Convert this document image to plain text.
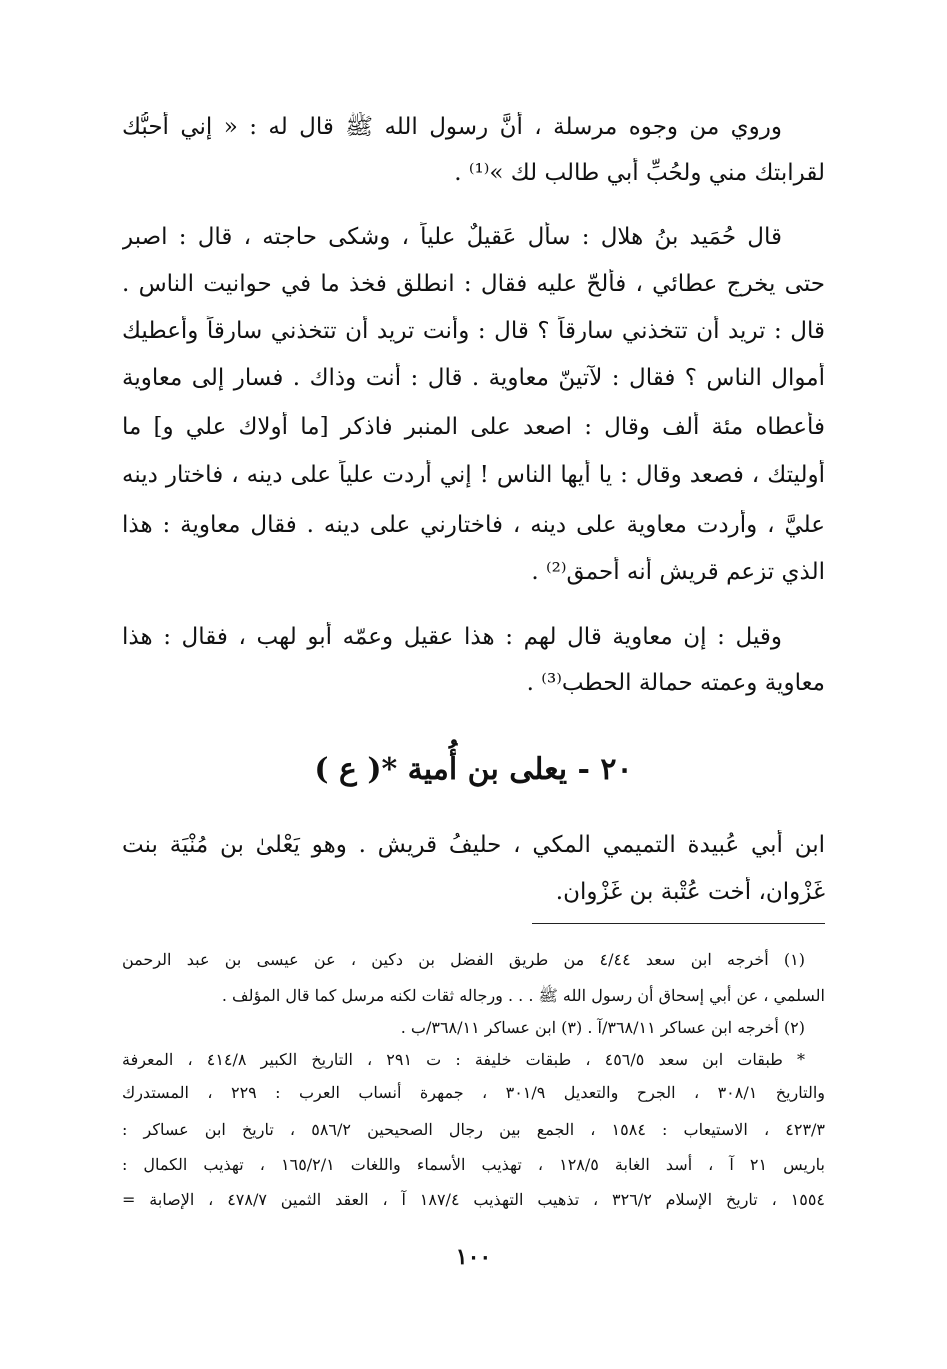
وروي من وجوه مرسلة ، أنَّ رسول الله ﷺ قال له : « إني أُحبُّك
لقرابتك مني ولحُبِّ أبي طالب لك »⁽¹⁾ .
قال حُمَيد بنُ هلال : سأل عَقيلٌ علياً ، وشكى حاجته ، قال : اصبر
حتى يخرج عطائي ، فألحّ عليه فقال : انطلق فخذ ما في حوانيت الناس .
قال : تريد أن تتخذني سارقاً ؟ قال : وأنت تريد أن تتخذني سارقاً وأعطيك
أموال الناس ؟ فقال : لآتينّ معاوية . قال : أنت وذاك . فسار إلى معاوية
فأعطاه مئة ألف وقال : اصعد على المنبر فاذكر [ما أولاك علي و] ما
أوليتك ، فصعد وقال : يا أيها الناس ! إني أردت علياً على دينه ، فاختار دينه
عليَّ ، وأردت معاوية على دينه ، فاختارني على دينه . فقال معاوية : هذا
الذي تزعم قريش أنه أحمق⁽²⁾ .
وقيل : إن معاوية قال لهم : هذا عقيل وعمّه أبو لهب ، فقال : هذا
معاوية وعمته حمالة الحطب⁽³⁾ .
٢٠ - يعلى بن أُمية *( ع )
ابن أبي عُبيدة التميمي المكي ، حليفُ قريش . وهو يَعْلىٰ بن مُنْيَة بنت
غَزْوان، أُخت عُتْبة بن غَزْوان.
(١) أخرجه ابن سعد ٤/٤٤ من طريق الفضل بن دكين ، عن عيسى بن عبد الرحمن
السلمي ، عن أبي إسحاق أن رسول الله ﷺ . . . ورجاله ثقات لكنه مرسل كما قال المؤلف .
(٢) أخرجه ابن عساكر ٣٦٨/١١/آ . (٣) ابن عساكر ٣٦٨/١١/ب .
* طبقات ابن سعد ٤٥٦/٥ ، طبقات خليفة : ت ٢٩١ ، التاريخ الكبير ٤١٤/٨ ، المعرفة
والتاريخ ٣٠٨/١ ، الجرح والتعديل ٣٠١/٩ ، جمهرة أنساب العرب : ٢٢٩ ، المستدرك
٤٢٣/٣ ، الاستيعاب : ١٥٨٤ ، الجمع بين رجال الصحيحين ٥٨٦/٢ ، تاريخ ابن عساكر :
باريس ٢١ آ ، أسد الغابة ١٢٨/٥ ، تهذيب الأسماء واللغات ١٦٥/٢/١ ، تهذيب الكمال :
١٥٥٤ ، تاريخ الإسلام ٣٢٦/٢ ، تذهيب التهذيب ١٨٧/٤ آ ، العقد الثمين ٤٧٨/٧ ، الإصابة =
١٠٠
